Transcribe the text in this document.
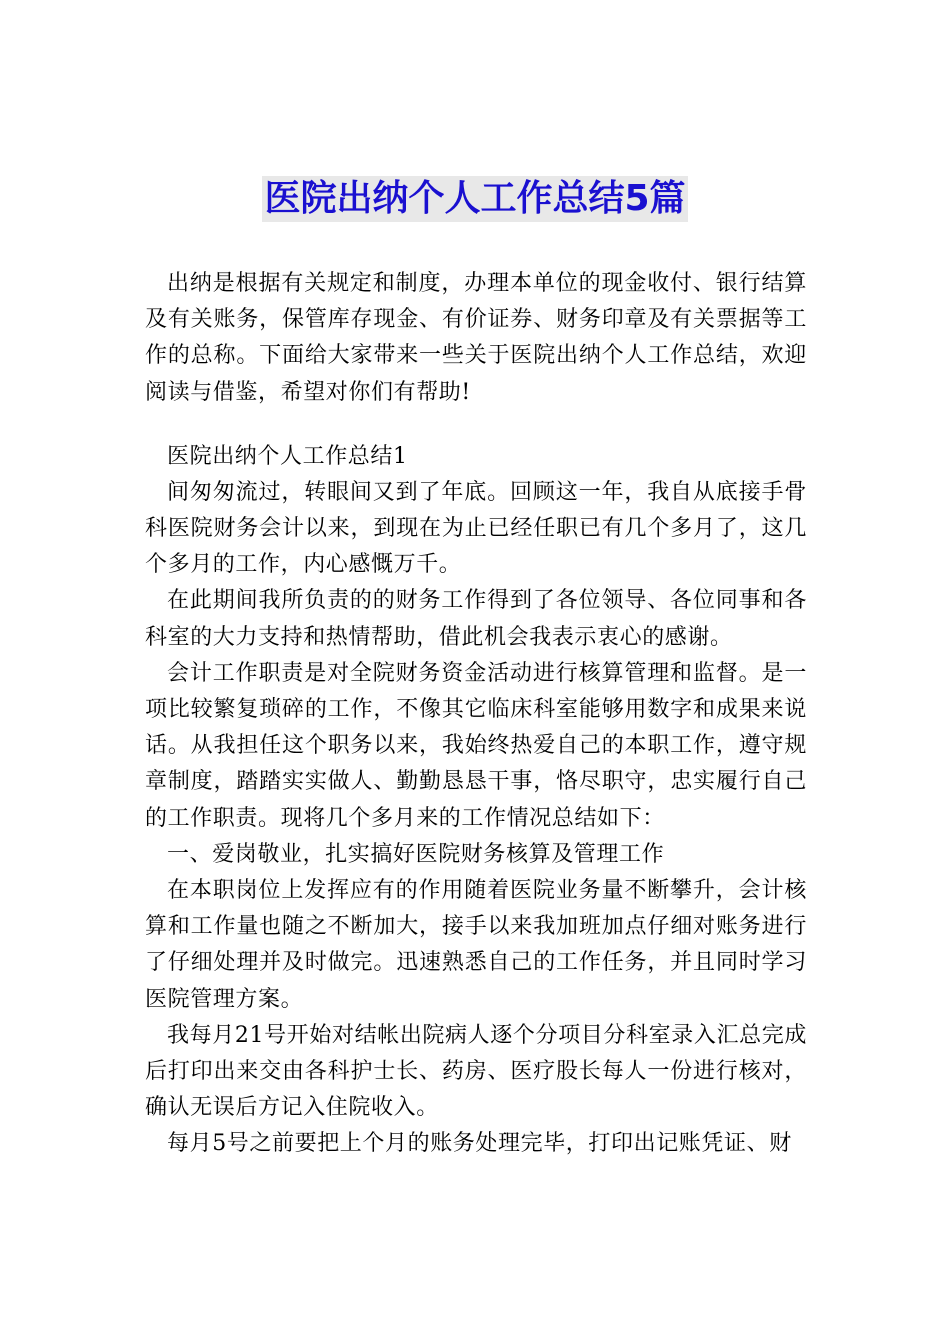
医院出纳个人工作总结5篇

出纳是根据有关规定和制度，办理本单位的现金收付、银行结算及有关账务，保管库存现金、有价证券、财务印章及有关票据等工作的总称。下面给大家带来一些关于医院出纳个人工作总结，欢迎阅读与借鉴，希望对你们有帮助!

医院出纳个人工作总结1

间匆匆流过，转眼间又到了年底。回顾这一年，我自从底接手骨科医院财务会计以来，到现在为止已经任职已有几个多月了，这几个多月的工作，内心感慨万千。

在此期间我所负责的的财务工作得到了各位领导、各位同事和各科室的大力支持和热情帮助，借此机会我表示衷心的感谢。

会计工作职责是对全院财务资金活动进行核算管理和监督。是一项比较繁复琐碎的工作，不像其它临床科室能够用数字和成果来说话。从我担任这个职务以来，我始终热爱自己的本职工作，遵守规章制度，踏踏实实做人、勤勤恳恳干事，恪尽职守，忠实履行自己的工作职责。现将几个多月来的工作情况总结如下：

一、爱岗敬业，扎实搞好医院财务核算及管理工作

在本职岗位上发挥应有的作用随着医院业务量不断攀升，会计核算和工作量也随之不断加大，接手以来我加班加点仔细对账务进行了仔细处理并及时做完。迅速熟悉自己的工作任务，并且同时学习医院管理方案。

我每月21号开始对结帐出院病人逐个分项目分科室录入汇总完成后打印出来交由各科护士长、药房、医疗股长每人一份进行核对，确认无误后方记入住院收入。

每月5号之前要把上个月的账务处理完毕，打印出记账凭证、财
